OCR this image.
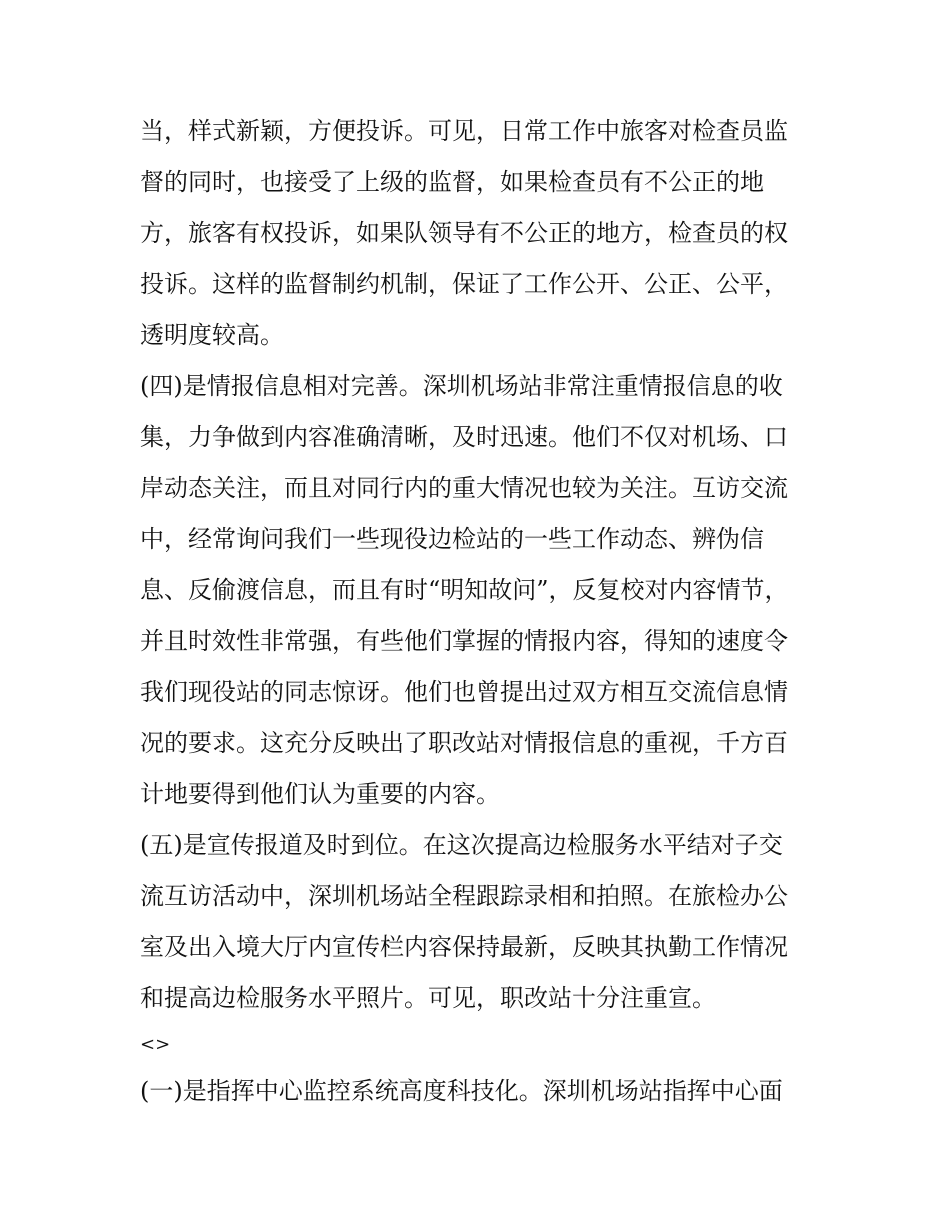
当，样式新颖，方便投诉。可见，日常工作中旅客对检查员监
督的同时，也接受了上级的监督，如果检查员有不公正的地
方，旅客有权投诉，如果队领导有不公正的地方，检查员的权
投诉。这样的监督制约机制，保证了工作公开、公正、公平，
透明度较高。
(四)是情报信息相对完善。深圳机场站非常注重情报信息的收
集，力争做到内容准确清晰，及时迅速。他们不仅对机场、口
岸动态关注，而且对同行内的重大情况也较为关注。互访交流
中，经常询问我们一些现役边检站的一些工作动态、辨伪信
息、反偷渡信息，而且有时“明知故问”，反复校对内容情节，
并且时效性非常强，有些他们掌握的情报内容，得知的速度令
我们现役站的同志惊讶。他们也曾提出过双方相互交流信息情
况的要求。这充分反映出了职改站对情报信息的重视，千方百
计地要得到他们认为重要的内容。
(五)是宣传报道及时到位。在这次提高边检服务水平结对子交
流互访活动中，深圳机场站全程跟踪录相和拍照。在旅检办公
室及出入境大厅内宣传栏内容保持最新，反映其执勤工作情况
和提高边检服务水平照片。可见，职改站十分注重宣。
<>
(一)是指挥中心监控系统高度科技化。深圳机场站指挥中心面
